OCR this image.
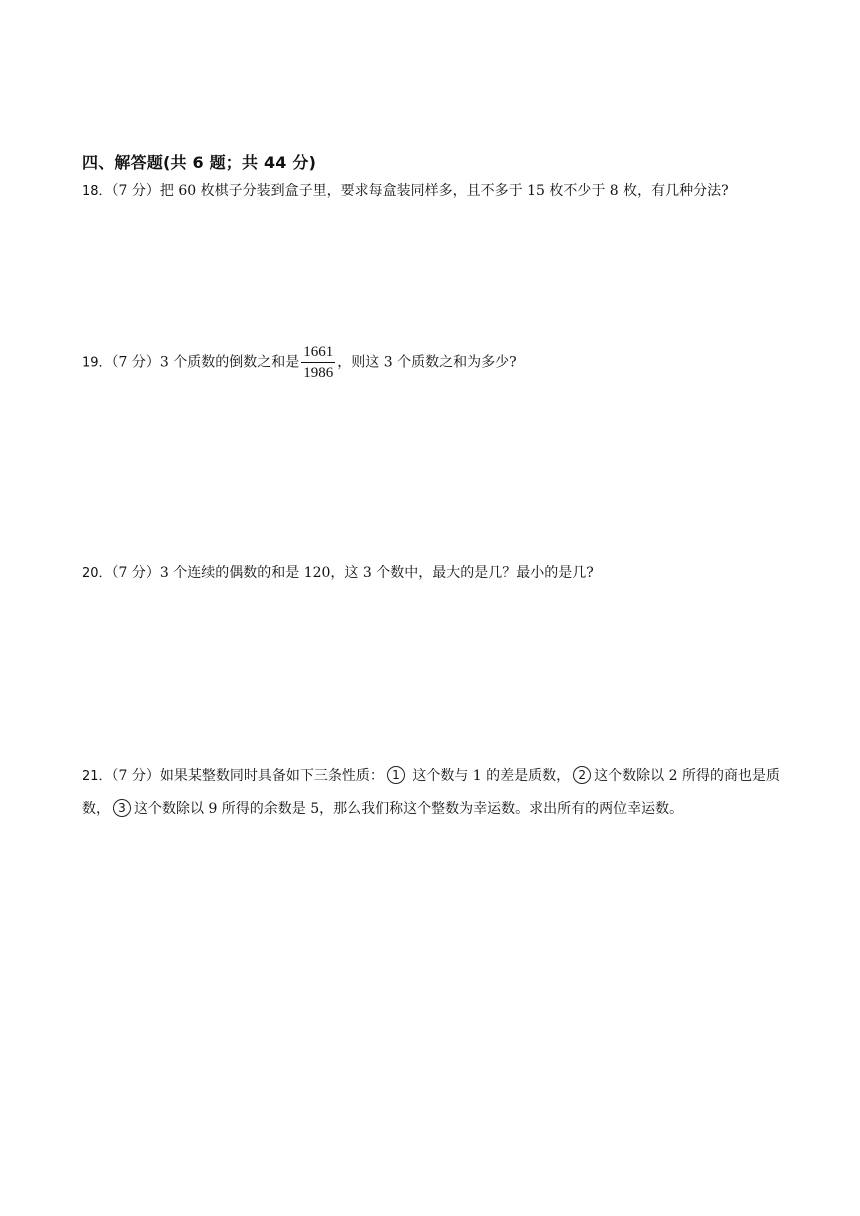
四、解答题(共 6 题；共 44 分)
18．（7 分）把 60 枚棋子分装到盒子里，要求每盒装同样多，且不多于 15 枚不少于 8 枚，有几种分法?
19．（7 分）3 个质数的倒数之和是 $\frac{1661}{1986}$ ，则这 3 个质数之和为多少?
20．（7 分）3 个连续的偶数的和是 120，这 3 个数中，最大的是几？最小的是几?
21．（7 分）如果某整数同时具备如下三条性质： 1 这个数与 1 的差是质数， 2 这个数除以 2 所得的商也是质数， 3 这个数除以 9 所得的余数是 5，那么我们称这个整数为幸运数。求出所有的两位幸运数。
